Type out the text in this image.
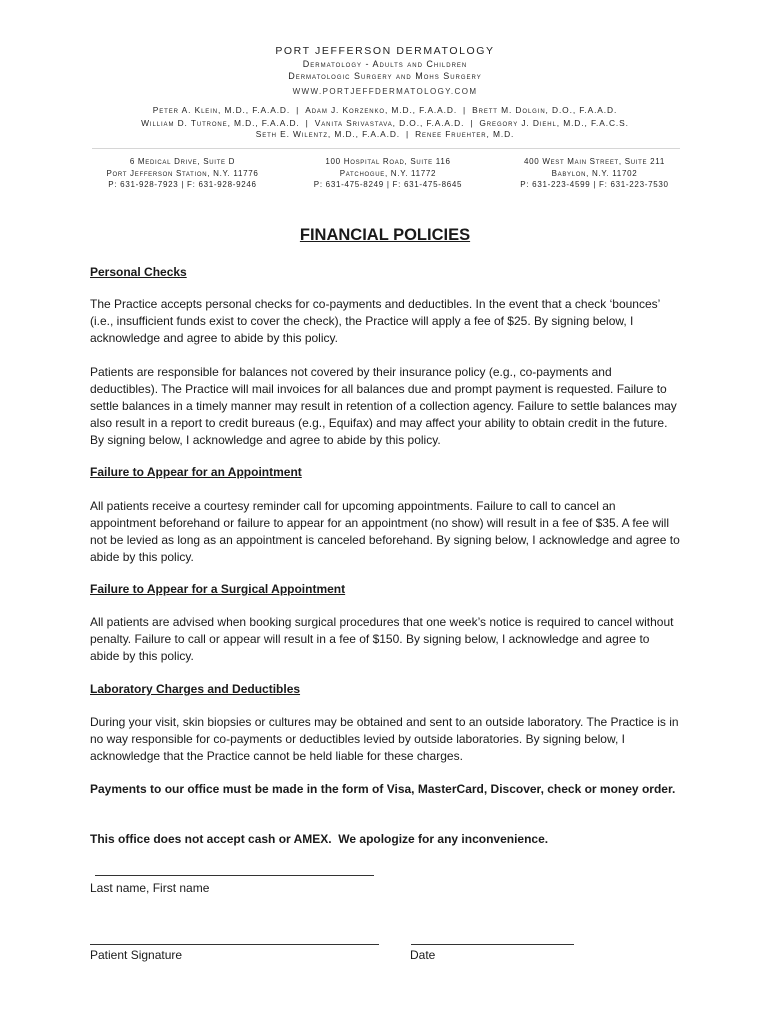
PORT JEFFERSON DERMATOLOGY
Dermatology - Adults and Children
Dermatologic Surgery and Mohs Surgery
WWW.PORTJEFFDERMATOLOGY.COM
Peter A. Klein, M.D., F.A.A.D. | Adam J. Korzenko, M.D., F.A.A.D. | Brett M. Dolgin, D.O., F.A.A.D.
William D. Tutrone, M.D., F.A.A.D. | Vanita Srivastava, D.O., F.A.A.D. | Gregory J. Diehl, M.D., F.A.C.S.
Seth E. Wilentz, M.D., F.A.A.D. | Renee Fruehter, M.D.
6 Medical Drive, Suite D
Port Jefferson Station, N.Y. 11776
P: 631-928-7923 | F: 631-928-9246
100 Hospital Road, Suite 116
Patchogue, N.Y. 11772
P: 631-475-8249 | F: 631-475-8645
400 West Main Street, Suite 211
Babylon, N.Y. 11702
P: 631-223-4599 | F: 631-223-7530
FINANCIAL POLICIES
Personal Checks
The Practice accepts personal checks for co-payments and deductibles. In the event that a check ‘bounces’ (i.e., insufficient funds exist to cover the check), the Practice will apply a fee of $25. By signing below, I acknowledge and agree to abide by this policy.
Patients are responsible for balances not covered by their insurance policy (e.g., co-payments and deductibles). The Practice will mail invoices for all balances due and prompt payment is requested. Failure to settle balances in a timely manner may result in retention of a collection agency. Failure to settle balances may also result in a report to credit bureaus (e.g., Equifax) and may affect your ability to obtain credit in the future. By signing below, I acknowledge and agree to abide by this policy.
Failure to Appear for an Appointment
All patients receive a courtesy reminder call for upcoming appointments. Failure to call to cancel an appointment beforehand or failure to appear for an appointment (no show) will result in a fee of $35. A fee will not be levied as long as an appointment is canceled beforehand. By signing below, I acknowledge and agree to abide by this policy.
Failure to Appear for a Surgical Appointment
All patients are advised when booking surgical procedures that one week’s notice is required to cancel without penalty. Failure to call or appear will result in a fee of $150. By signing below, I acknowledge and agree to abide by this policy.
Laboratory Charges and Deductibles
During your visit, skin biopsies or cultures may be obtained and sent to an outside laboratory. The Practice is in no way responsible for co-payments or deductibles levied by outside laboratories. By signing below, I acknowledge that the Practice cannot be held liable for these charges.
Payments to our office must be made in the form of Visa, MasterCard, Discover, check or money order.
This office does not accept cash or AMEX.  We apologize for any inconvenience.
Last name, First name
Patient Signature	Date
